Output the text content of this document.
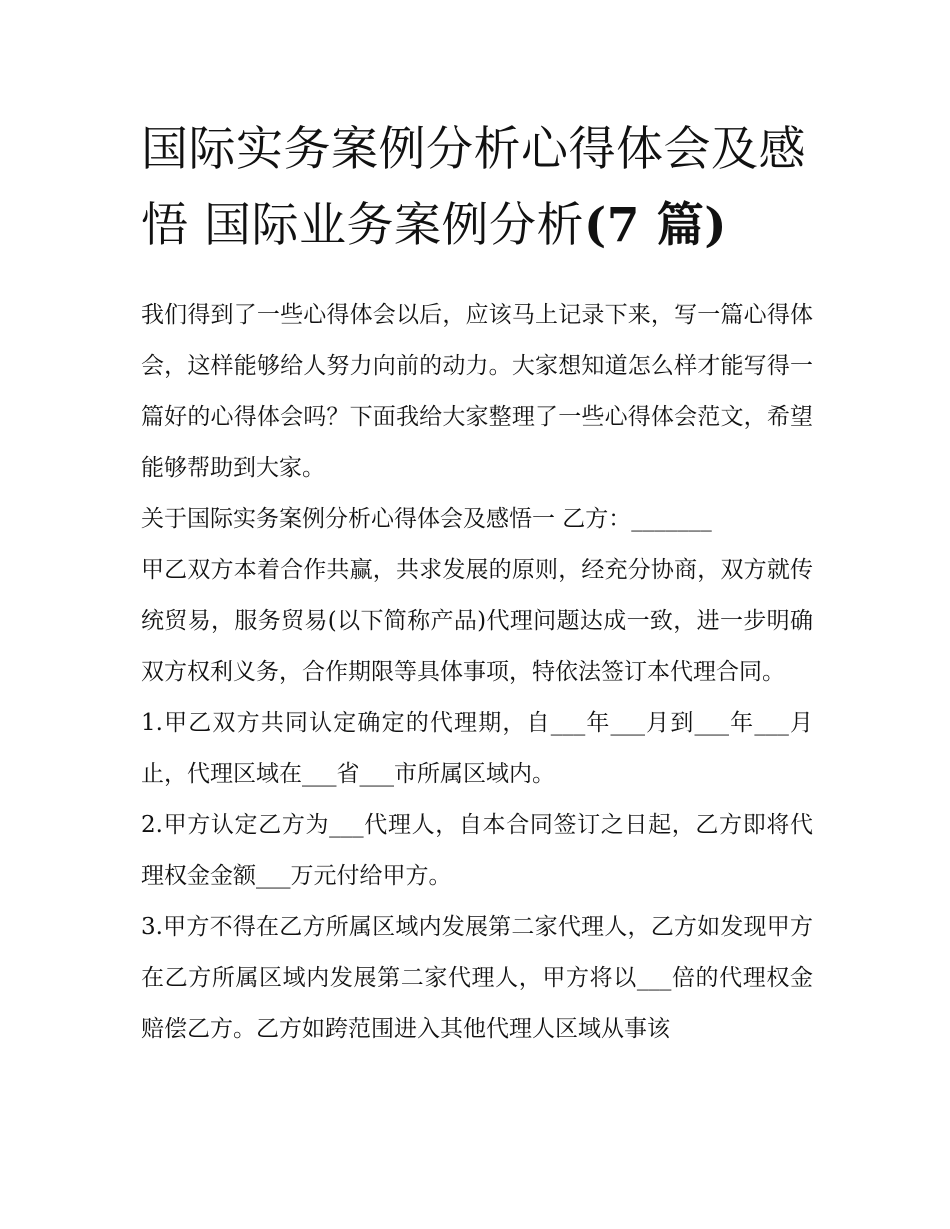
国际实务案例分析心得体会及感悟 国际业务案例分析(7 篇)

我们得到了一些心得体会以后，应该马上记录下来，写一篇心得体会，这样能够给人努力向前的动力。大家想知道怎么样才能写得一篇好的心得体会吗？下面我给大家整理了一些心得体会范文，希望能够帮助到大家。

关于国际实务案例分析心得体会及感悟一 乙方：_______

甲乙双方本着合作共赢，共求发展的原则，经充分协商，双方就传统贸易，服务贸易(以下简称产品)代理问题达成一致，进一步明确双方权利义务，合作期限等具体事项，特依法签订本代理合同。

1.甲乙双方共同认定确定的代理期，自___年___月到___年___月止，代理区域在___省___市所属区域内。

2.甲方认定乙方为___代理人，自本合同签订之日起，乙方即将代理权金金额___万元付给甲方。

3.甲方不得在乙方所属区域内发展第二家代理人，乙方如发现甲方在乙方所属区域内发展第二家代理人，甲方将以___倍的代理权金赔偿乙方。乙方如跨范围进入其他代理人区域从事该
